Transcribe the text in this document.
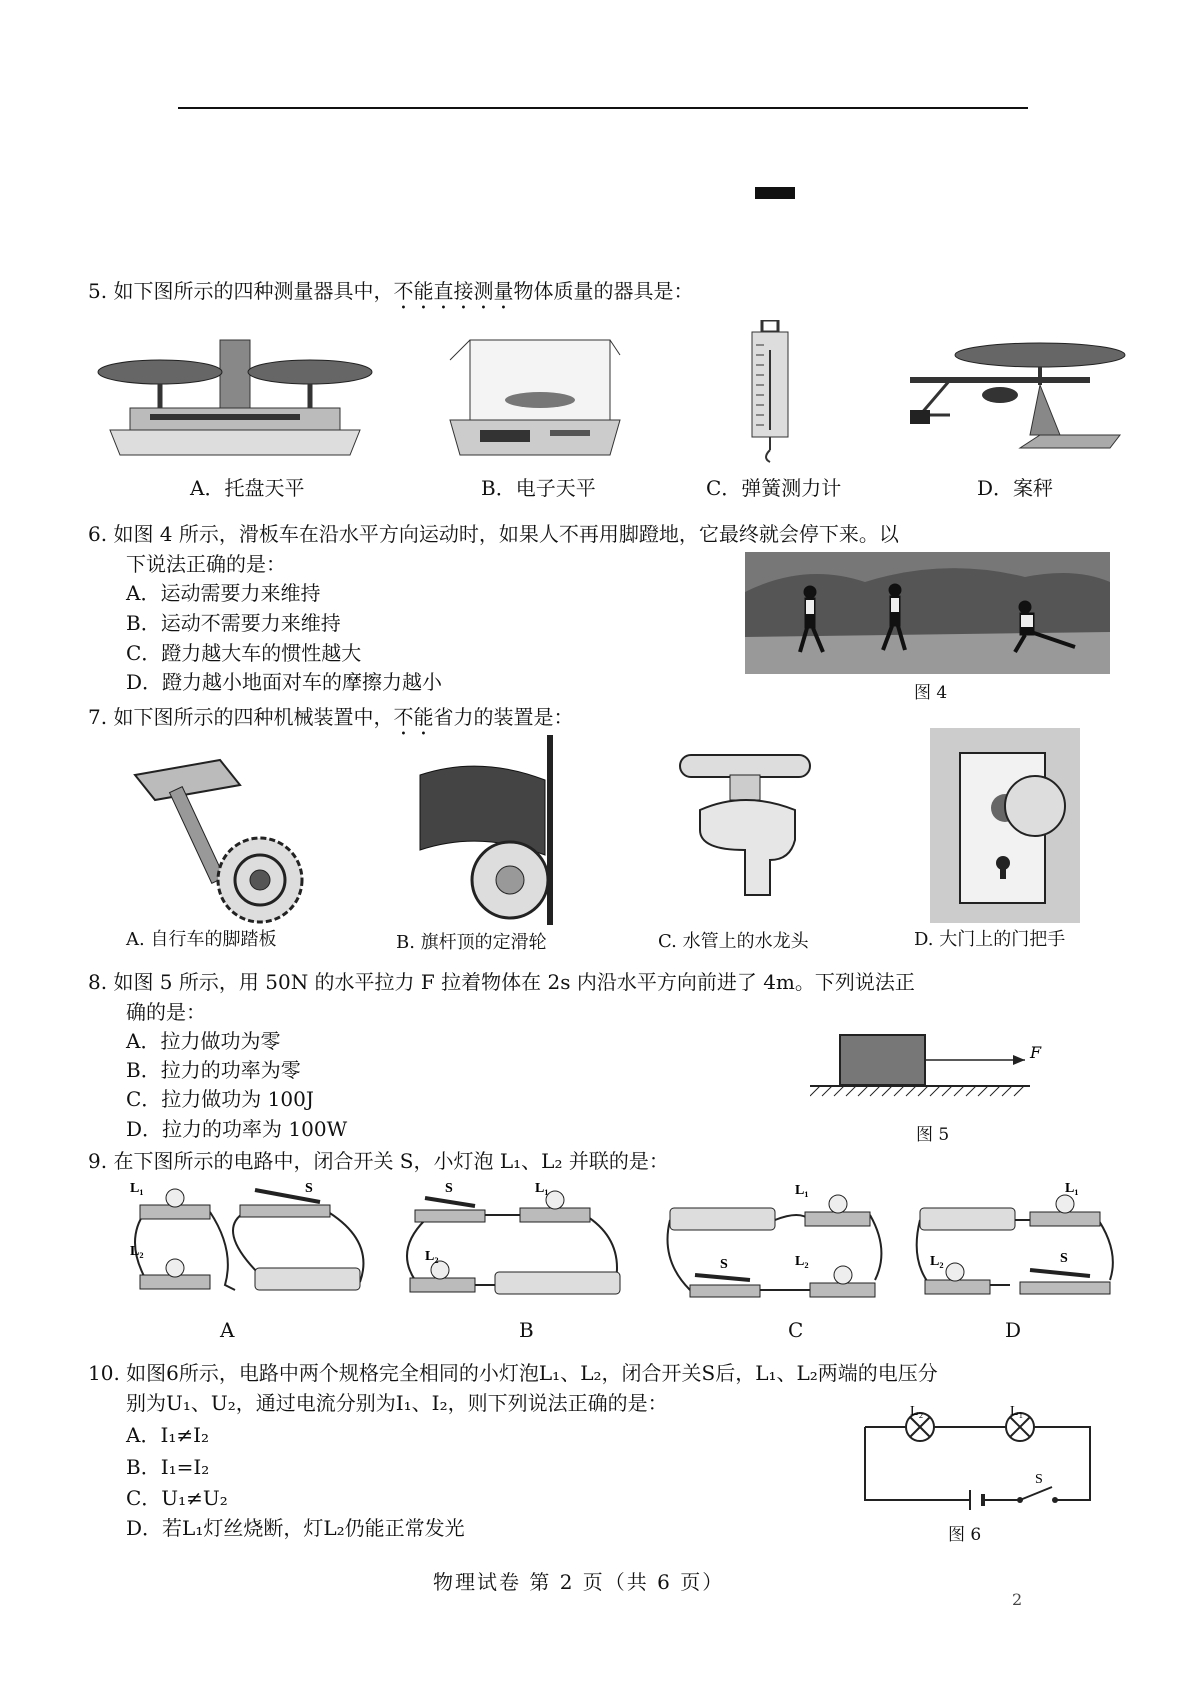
5. 如下图所示的四种测量器具中，不能直接测量物体质量的器具是：
A．托盘天平	B．电子天平	C．弹簧测力计	D．案秤
6. 如图 4 所示，滑板车在沿水平方向运动时，如果人不再用脚蹬地，它最终就会停下来。以
下说法正确的是：
A．运动需要力来维持
B．运动不需要力来维持
C．蹬力越大车的惯性越大
D．蹬力越小地面对车的摩擦力越小	图 4
7. 如下图所示的四种机械装置中，不能省力的装置是：
A. 自行车的脚踏板	B. 旗杆顶的定滑轮	C. 水管上的水龙头	D. 大门上的门把手
8. 如图 5 所示，用 50N 的水平拉力 F 拉着物体在 2s 内沿水平方向前进了 4m。下列说法正
确的是：
A．拉力做功为零
B．拉力的功率为零
C．拉力做功为 100J
D．拉力的功率为 100W
F
图 5
9. 在下图所示的电路中，闭合开关 S，小灯泡 L₁、L₂ 并联的是：
L₁
L₂
S	S	L₁
L₂
L₁
S	L₂
L₁
L₂	S
A	B	C	D
10. 如图6所示，电路中两个规格完全相同的小灯泡L₁、L₂，闭合开关S后，L₁、L₂两端的电压分
别为U₁、U₂，通过电流分别为I₁、I₂，则下列说法正确的是：
A．I₁≠I₂
B．I₁=I₂
C．U₁≠U₂
D．若L₁灯丝烧断，灯L₂仍能正常发光
L₂	L₁
S
图 6
物理试卷 第 2 页（共 6 页）
2
